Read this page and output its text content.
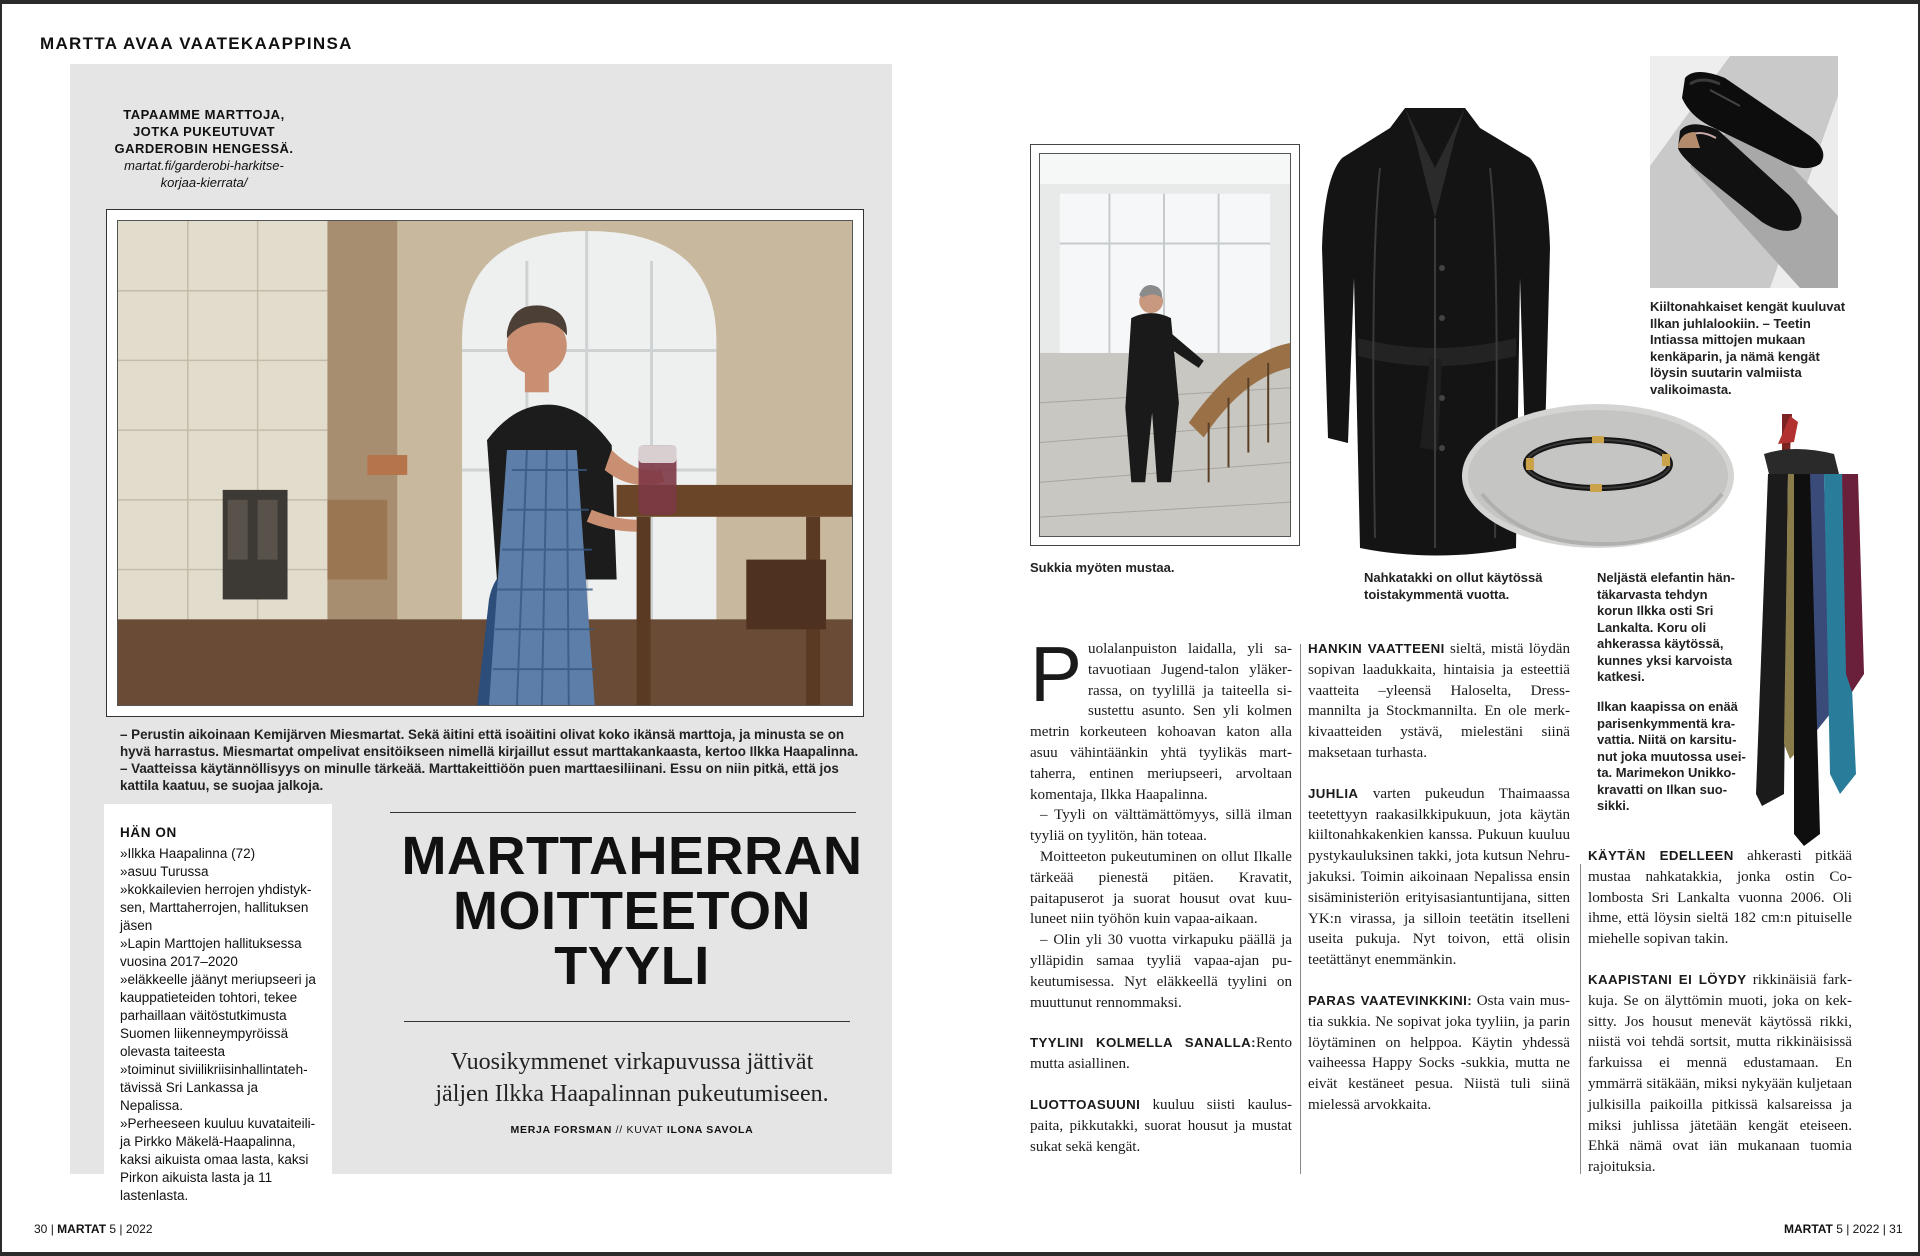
MARTTA AVAA VAATEKAAPPINSA
TAPAAMME MARTTOJA,
JOTKA PUKEUTUVAT
GARDEROBIN HENGESSÄ.
martat.fi/garderobi-harkitse-
korjaa-kierrata/

– Perustin aikoinaan Kemijärven Miesmartat. Sekä äitini että isoäitini olivat koko ikänsä marttoja, ja minusta se on hyvä harrastus. Miesmartat ompelivat ensitöikseen nimellä kirjaillut essut marttakankaasta, kertoo Ilkka Haapalinna.

– Vaatteissa käytännöllisyys on minulle tärkeää. Marttakeittiöön puen marttaesiliinani. Essu on niin pitkä, että jos kattila kaatuu, se suojaa jalkoja.

HÄN ON

»Ilkka Haapalinna (72)

»asuu Turussa

»kokkailevien herrojen yhdistyksen, Marttaherrojen, hallituksen jäsen

»Lapin Marttojen hallituksessa vuosina 2017–2020

»eläkkeelle jäänyt meriupseeri ja kauppatieteiden tohtori, tekee parhaillaan väitöstutkimusta Suomen liikenneympyröissä olevasta taiteesta

»toiminut siviilikriisinhallintatehtävissä Sri Lankassa ja Nepalissa.

»Perheeseen kuuluu kuvataiteilija Pirkko Mäkelä-Haapalinna, kaksi aikuista omaa lasta, kaksi Pirkon aikuista lasta ja 11 lastenlastа.

MARTTAHERRAN
MOITTEETON
TYYLI
Vuosikymmenet virkapuvussa jättivät
jäljen Ilkka Haapalinnan pukeutumiseen.
MERJA FORSMAN // KUVAT ILONA SAVOLA
30 | MARTAT 5 | 2022
Sukkia myöten mustaa.
Nahkatakki on ollut käytössä toistakymmentä vuotta.
Kiiltonahkaiset kengät kuuluvat Ilkan juhlalookiin. – Teetin Intiassa mittojen mukaan kenkäparin, ja nämä kengät löysin suutarin valmiista valikoimasta.
Neljästä elefantin häntäkarvasta tehdyn korun Ilkka osti Sri Lankalta. Koru oli ahkerassa käytössä, kunnes yksi karvoista katkesi.
Ilkan kaapissa on enää parisenkymmentä kravattia. Niitä on karsitunut joka muutossa useita. Marimekon Unikkokravatti on Ilkan suosikki.

Puolalanpuiston laidalla, yli satavuotiaan Jugend-talon yläkerrassa, on tyylillä ja taiteella sisustettu asunto. Sen yli kolmen metrin korkeuteen kohoavan katon alla asuu vähintäänkin yhtä tyylikäs marttaherra, entinen meriupseeri, arvoltaan komentaja, Ilkka Haapalinna.

– Tyyli on välttämättömyys, sillä ilman tyyliä on tyylitön, hän toteaa.

Moitteeton pukeutuminen on ollut Ilkalle tärkeää pienestä pitäen. Kravatit, paitapuserot ja suorat housut ovat kuuluneet niin työhön kuin vapaa-aikaan.

– Olin yli 30 vuotta virkapuku päällä ja ylläpidin samaa tyyliä vapaa-ajan pukeutumisessa. Nyt eläkkeellä tyylini on muuttunut rennommaksi.

TYYLINI KOLMELLA SANALLA:Rento mutta asiallinen.

LUOTTOASUUNI kuuluu siisti kauluspaita, pikkutakki, suorat housut ja mustat sukat sekä kengät.

HANKIN VAATTEENI sieltä, mistä löydän sopivan laadukkaita, hintaisia ja esteettiä vaatteita –yleensä Haloselta, Dressmannilta ja Stockmannilta. En ole merkkivaatteiden ystävä, mielestäni siinä maksetaan turhasta.

JUHLIA varten pukeudun Thaimaassa teetettyyn raakasilkkipukuun, jota käytän kiiltonahkakenkien kanssa. Pukuun kuuluu pystykauluksinen takki, jota kutsun Nehru-jakuksi. Toimin aikoinaan Nepalissa ensin sisäministeriön erityisasiantuntijana, sitten YK:n virassa, ja silloin teetätin itselleni useita pukuja. Nyt toivon, että olisin teetättänyt enemmänkin.

PARAS VAATEVINKKINI: Osta vain mustia sukkia. Ne sopivat joka tyyliin, ja parin löytäminen on helppoa. Käytin yhdessä vaiheessa Happy Socks -sukkia, mutta ne eivät kestäneet pesua. Niistä tuli siinä mielessä arvokkaita.

KÄYTÄN EDELLEEN ahkerasti pitkää mustaa nahkatakkia, jonka ostin Colombosta Sri Lankalta vuonna 2006. Oli ihme, että löysin sieltä 182 cm:n pituiselle miehelle sopivan takin.

KAAPISTANI EI LÖYDY rikkinäisiä farkkuja. Se on älyttömin muoti, joka on keksitty. Jos housut menevät käytössä rikki, niistä voi tehdä sortsit, mutta rikkinäisissä farkuissa ei mennä edustamaan. En ymmärrä sitäkään, miksi nykyään kuljetaan julkisilla paikoilla pitkissä kalsareissa ja miksi juhlissa jätetään kengät eteiseen. Ehkä nämä ovat iän mukanaan tuomia rajoituksia.

MARTAT 5 | 2022 | 31
